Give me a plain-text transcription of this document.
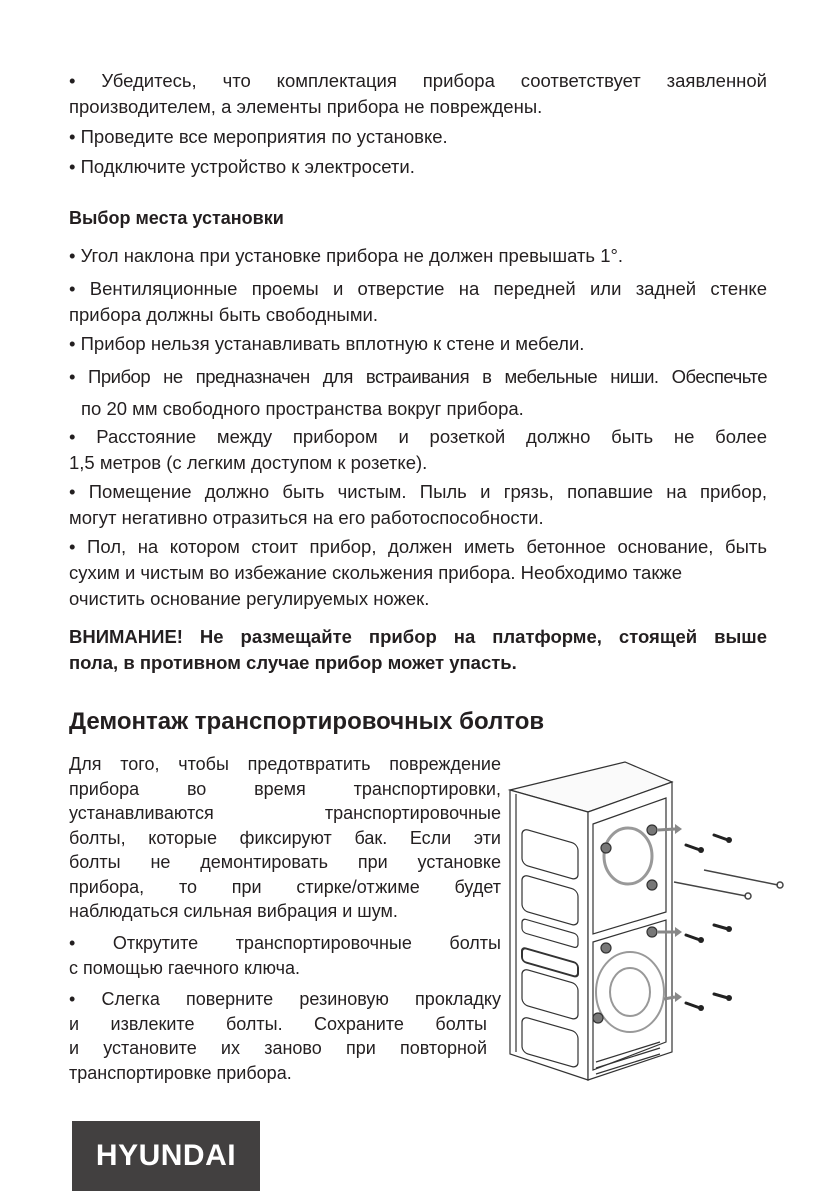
• Убедитесь, что комплектация прибора соответствует заявленной
производителем, а элементы прибора не повреждены.
• Проведите все мероприятия по установке.
• Подключите устройство к электросети.
Выбор места установки
• Угол наклона при установке прибора не должен превышать 1°.
• Вентиляционные проемы и отверстие на передней или задней стенке
прибора должны быть свободными.
• Прибор нельзя устанавливать вплотную к стене и мебели.
• Прибор не предназначен для встраивания в мебельные ниши. Обеспечьте
по 20 мм свободного пространства вокруг прибора.
• Расстояние между прибором и розеткой должно быть не более
1,5 метров (с легким доступом к розетке).
• Помещение должно быть чистым. Пыль и грязь, попавшие на прибор,
могут негативно отразиться на его работоспособности.
• Пол, на котором стоит прибор, должен иметь бетонное основание, быть
сухим и чистым во избежание скольжения прибора. Необходимо также
очистить основание регулируемых ножек.
ВНИМАНИЕ! Не размещайте прибор на платформе, стоящей выше
пола, в противном случае прибор может упасть.
Демонтаж транспортировочных болтов
Для того, чтобы предотвратить повреждение
прибора во время транспортировки,
устанавливаются транспортировочные
болты, которые фиксируют бак. Если эти
болты не демонтировать при установке
прибора, то при стирке/отжиме будет
наблюдаться сильная вибрация и шум.
• Открутите транспортировочные болты
с помощью гаечного ключа.
• Слегка поверните резиновую прокладку
и извлеките болты. Сохраните болты
и установите их заново при повторной
транспортировке прибора.
HYUNDAI
